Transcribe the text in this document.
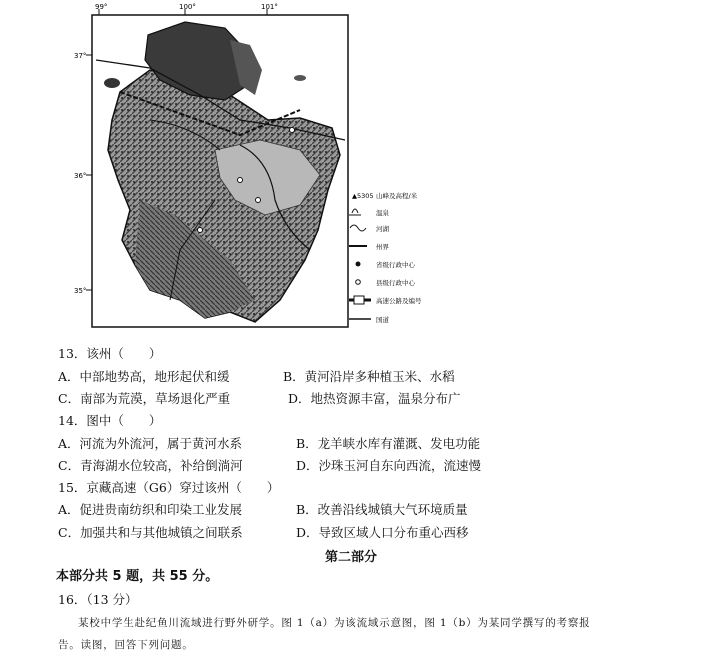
99°	100°	101°
37°
36°
35°
▲5305 山峰及高程/米
温泉
河湖
州界
省级行政中心
县级行政中心
高速公路及编号
国道
13．该州（　　）
A．中部地势高，地形起伏和缓	B．黄河沿岸多种植玉米、水稻
C．南部为荒漠，草场退化严重	D．地热资源丰富，温泉分布广
14．图中（　　）
A．河流为外流河，属于黄河水系	B．龙羊峡水库有灌溉、发电功能
C．青海湖水位较高，补给倒淌河	D．沙珠玉河自东向西流，流速慢
15．京藏高速（G6）穿过该州（　　）
A．促进贵南纺织和印染工业发展	B．改善沿线城镇大气环境质量
C．加强共和与其他城镇之间联系	D．导致区域人口分布重心西移
第二部分
本部分共 5 题，共 55 分。
16．（13 分）
某校中学生赴纪鱼川流域进行野外研学。图 1（a）为该流域示意图，图 1（b）为某同学撰写的考察报
告。读图，回答下列问题。
